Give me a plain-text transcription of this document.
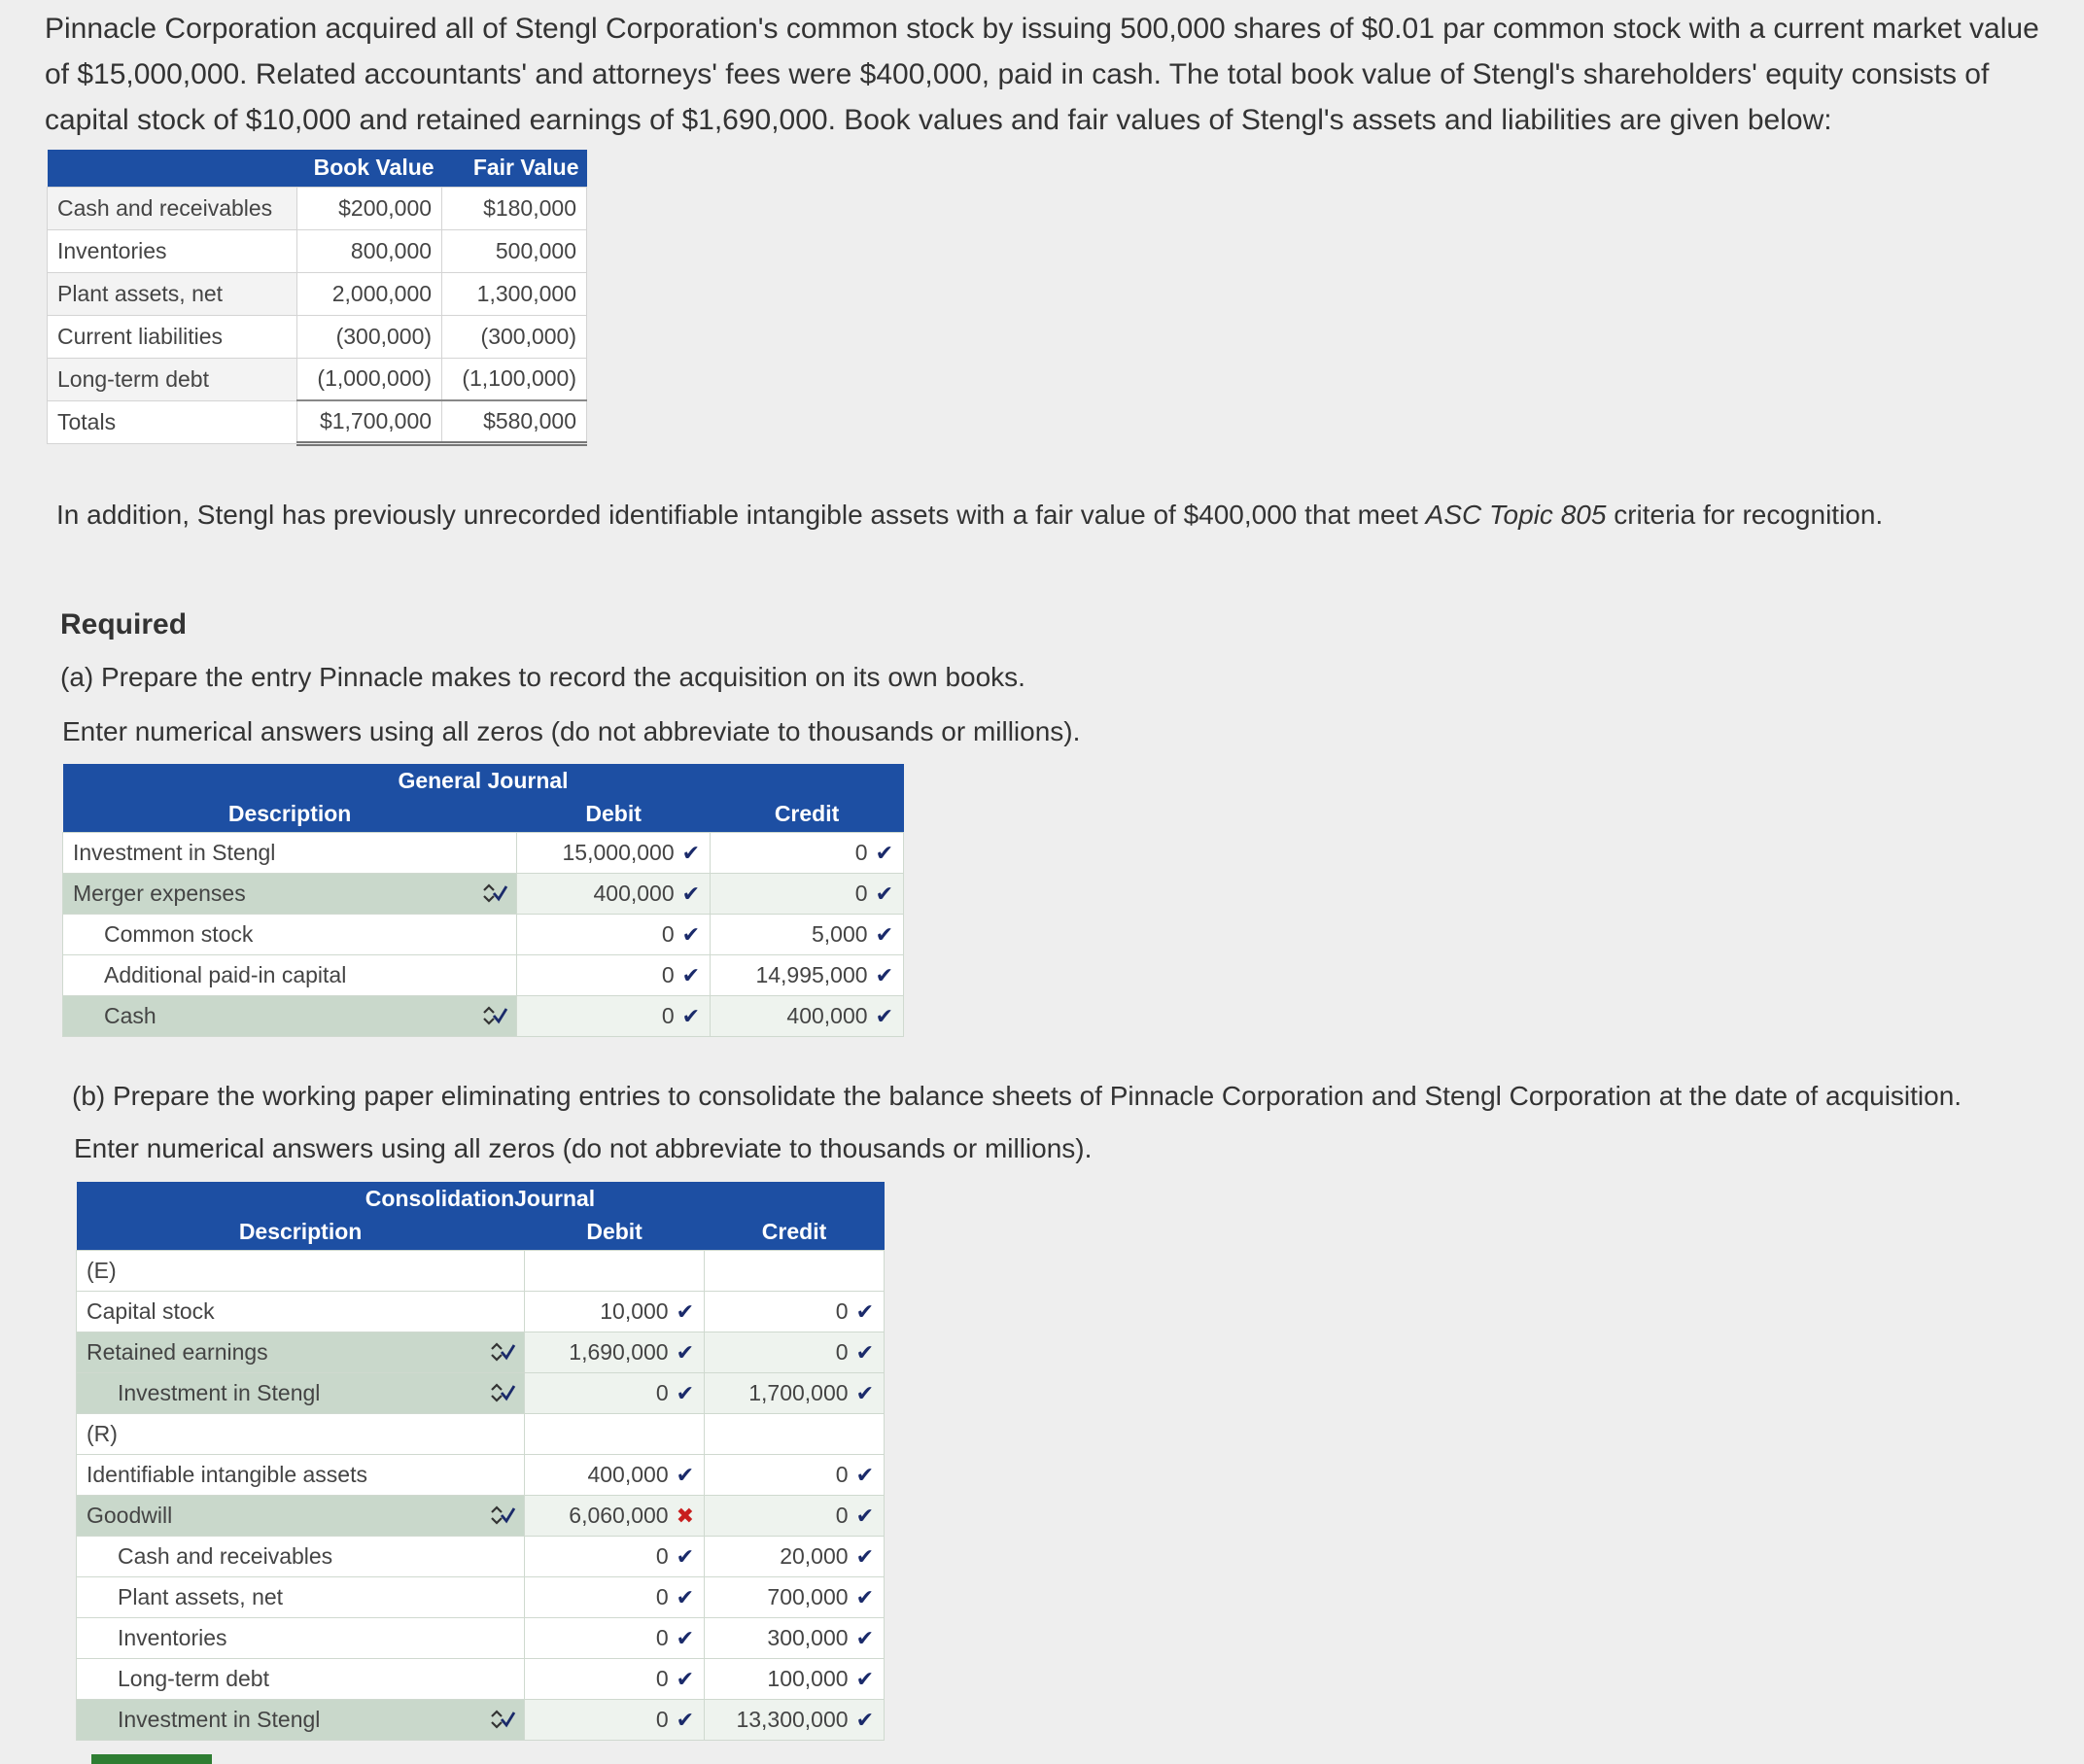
Pinnacle Corporation acquired all of Stengl Corporation's common stock by issuing 500,000 shares of $0.01 par common stock with a current market value of $15,000,000. Related accountants' and attorneys' fees were $400,000, paid in cash. The total book value of Stengl's shareholders' equity consists of capital stock of $10,000 and retained earnings of $1,690,000. Book values and fair values of Stengl's assets and liabilities are given below:

	Book Value	Fair Value
Cash and receivables	$200,000	$180,000
Inventories	800,000	500,000
Plant assets, net	2,000,000	1,300,000
Current liabilities	(300,000)	(300,000)
Long-term debt	(1,000,000)	(1,100,000)
Totals	$1,700,000	$580,000

In addition, Stengl has previously unrecorded identifiable intangible assets with a fair value of $400,000 that meet ASC Topic 805 criteria for recognition.

Required

(a) Prepare the entry Pinnacle makes to record the acquisition on its own books.

Enter numerical answers using all zeros (do not abbreviate to thousands or millions).

General Journal		
Description	Debit	Credit
Investment in Stengl	15,000,000 ✔	0 ✔
Merger expenses	400,000 ✔	0 ✔
Common stock	0 ✔	5,000 ✔
Additional paid-in capital	0 ✔	14,995,000 ✔
Cash	0 ✔	400,000 ✔

(b) Prepare the working paper eliminating entries to consolidate the balance sheets of Pinnacle Corporation and Stengl Corporation at the date of acquisition.

Enter numerical answers using all zeros (do not abbreviate to thousands or millions).

ConsolidationJournal		
Description	Debit	Credit
(E)		
Capital stock	10,000 ✔	0 ✔
Retained earnings	1,690,000 ✔	0 ✔
Investment in Stengl	0 ✔	1,700,000 ✔
(R)		
Identifiable intangible assets	400,000 ✔	0 ✔
Goodwill	6,060,000 ✖	0 ✔
Cash and receivables	0 ✔	20,000 ✔
Plant assets, net	0 ✔	700,000 ✔
Inventories	0 ✔	300,000 ✔
Long-term debt	0 ✔	100,000 ✔
Investment in Stengl	0 ✔	13,300,000 ✔
